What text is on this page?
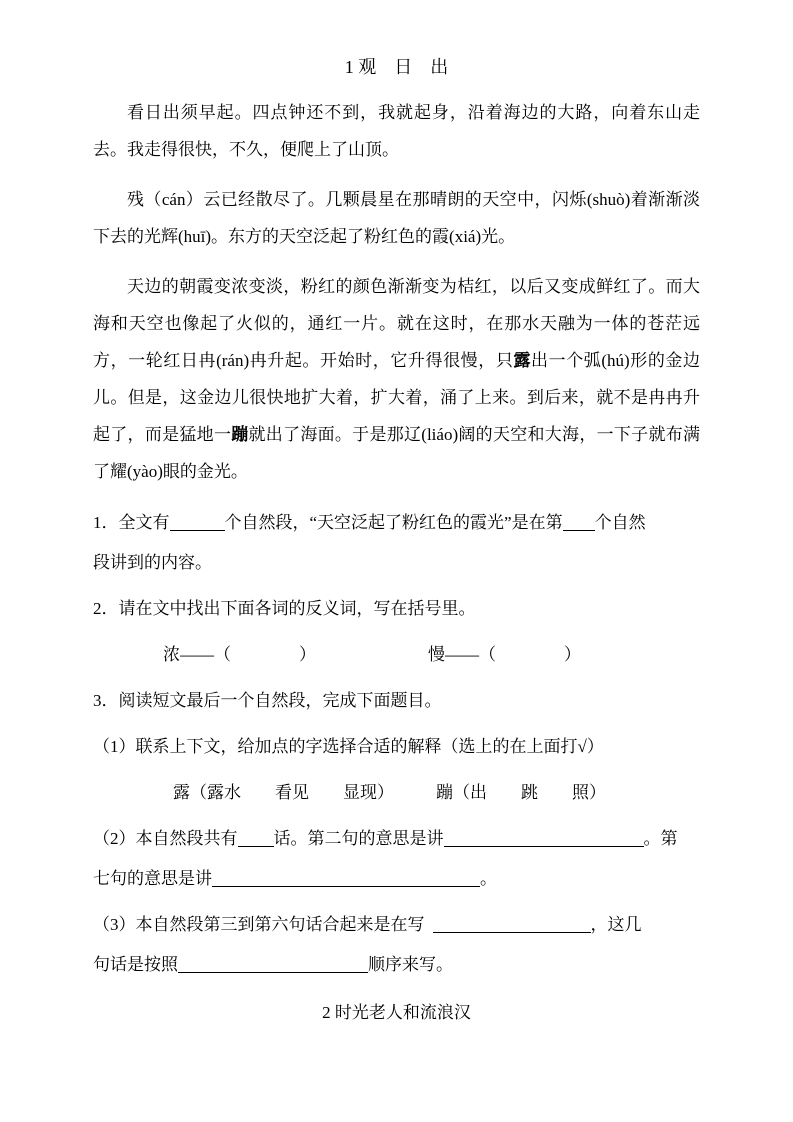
1 观　日　出

看日出须早起。四点钟还不到，我就起身，沿着海边的大路，向着东山走去。我走得很快，不久，便爬上了山顶。

残（cán）云已经散尽了。几颗晨星在那晴朗的天空中，闪烁(shuò)着渐渐淡下去的光辉(huī)。东方的天空泛起了粉红色的霞(xiá)光。

天边的朝霞变浓变淡，粉红的颜色渐渐变为桔红，以后又变成鲜红了。而大海和天空也像起了火似的，通红一片。就在这时，在那水天融为一体的苍茫远方，一轮红日冉(rán)冉升起。开始时，它升得很慢，只露出一个弧(hú)形的金边儿。但是，这金边儿很快地扩大着，扩大着，涌了上来。到后来，就不是冉冉升起了，而是猛地一蹦就出了海面。于是那辽(liáo)阔的天空和大海，一下子就布满了耀(yào)眼的金光。

1．全文有	个自然段，“天空泛起了粉红色的霞光”是在第 个自然
段讲到的内容。

2．请在文中找出下面各词的反义词，写在括号里。

浓——（　　　　）	慢——（　　　　）

3．阅读短文最后一个自然段，完成下面题目。

（1）联系上下文，给加点的字选择合适的解释（选上的在上面打√）

露（露水　　看见　　显现） 蹦（出　　跳　　照）

（2）本自然段共有 话。第二句的意思是讲	。第
七句的意思是讲	。

（3）本自然段第三到第六句话合起来是在写	，这几
句话是按照	顺序来写。

2 时光老人和流浪汉
